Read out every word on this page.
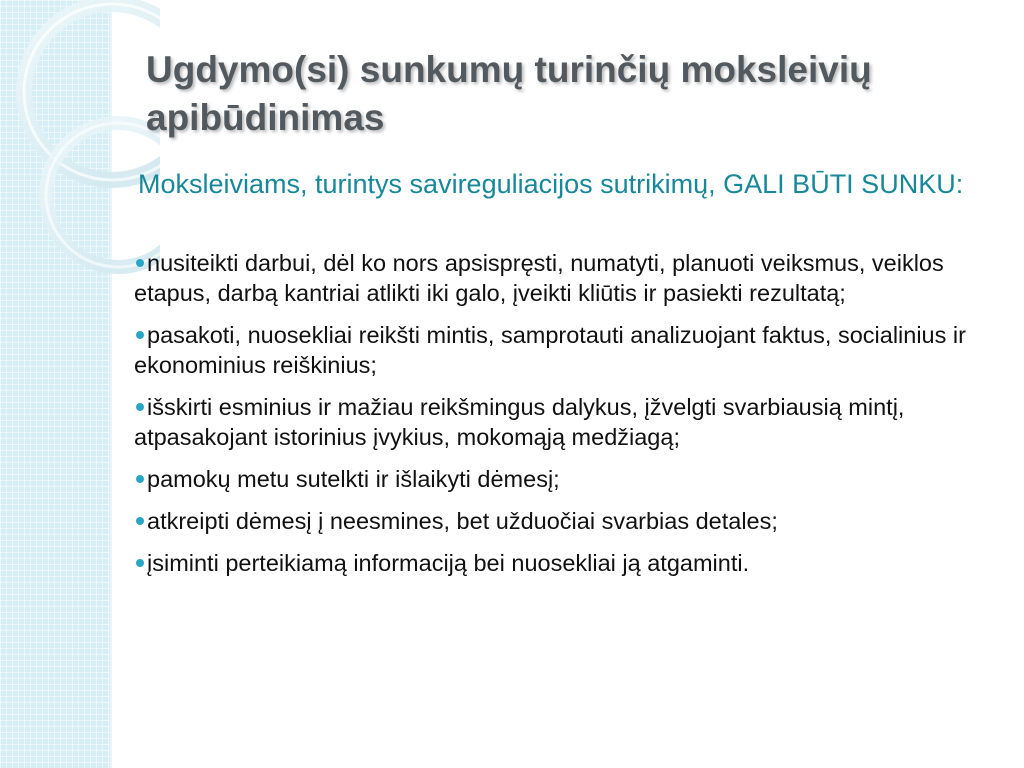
Ugdymo(si) sunkumų turinčių moksleivių apibūdinimas

Moksleiviams, turintys savireguliacijos sutrikimų, GALI BŪTI SUNKU:

nusiteikti darbui, dėl ko nors apsispręsti, numatyti, planuoti veiksmus, veiklos etapus, darbą kantriai atlikti iki galo, įveikti kliūtis ir pasiekti rezultatą;
pasakoti, nuosekliai reikšti mintis, samprotauti analizuojant faktus, socialinius ir ekonominius reiškinius;
išskirti esminius ir mažiau reikšmingus dalykus, įžvelgti svarbiausią mintį, atpasakojant istorinius įvykius, mokomąją medžiagą;
pamokų metu sutelkti ir išlaikyti dėmesį;
atkreipti dėmesį į neesmines, bet užduočiai svarbias detales;
įsiminti perteikiamą informaciją bei nuosekliai ją atgaminti.
